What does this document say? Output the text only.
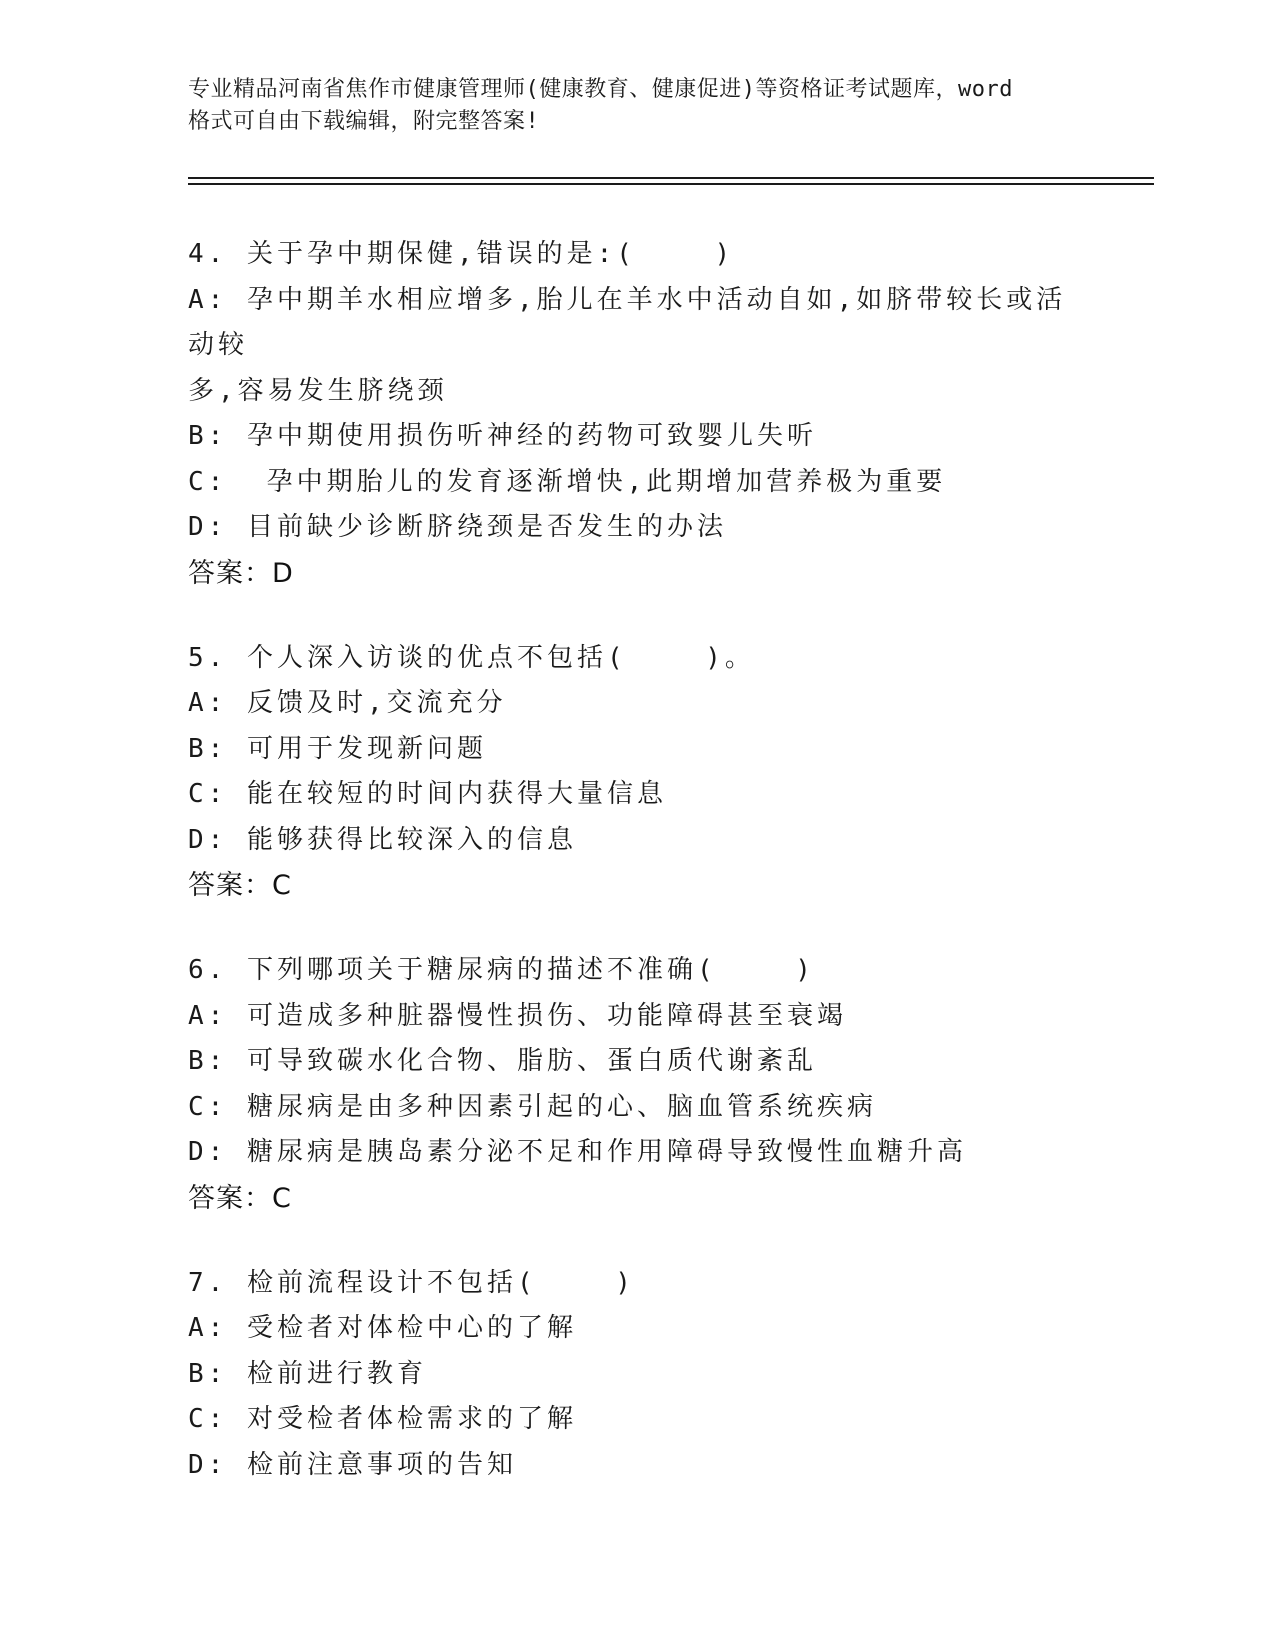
专业精品河南省焦作市健康管理师(健康教育、健康促进)等资格证考试题库，word
格式可自由下载编辑，附完整答案!
4. 关于孕中期保健,错误的是:(    )
A: 孕中期羊水相应增多,胎儿在羊水中活动自如,如脐带较长或活动较
多,容易发生脐绕颈
B: 孕中期使用损伤听神经的药物可致婴儿失听
C:  孕中期胎儿的发育逐渐增快,此期增加营养极为重要
D: 目前缺少诊断脐绕颈是否发生的办法
答案：D
5. 个人深入访谈的优点不包括(    )。
A: 反馈及时,交流充分
B: 可用于发现新问题
C: 能在较短的时间内获得大量信息
D: 能够获得比较深入的信息
答案：C
6. 下列哪项关于糖尿病的描述不准确(    )
A: 可造成多种脏器慢性损伤、功能障碍甚至衰竭
B: 可导致碳水化合物、脂肪、蛋白质代谢紊乱
C: 糖尿病是由多种因素引起的心、脑血管系统疾病
D: 糖尿病是胰岛素分泌不足和作用障碍导致慢性血糖升高
答案：C
7. 检前流程设计不包括(    )
A: 受检者对体检中心的了解
B: 检前进行教育
C: 对受检者体检需求的了解
D: 检前注意事项的告知
